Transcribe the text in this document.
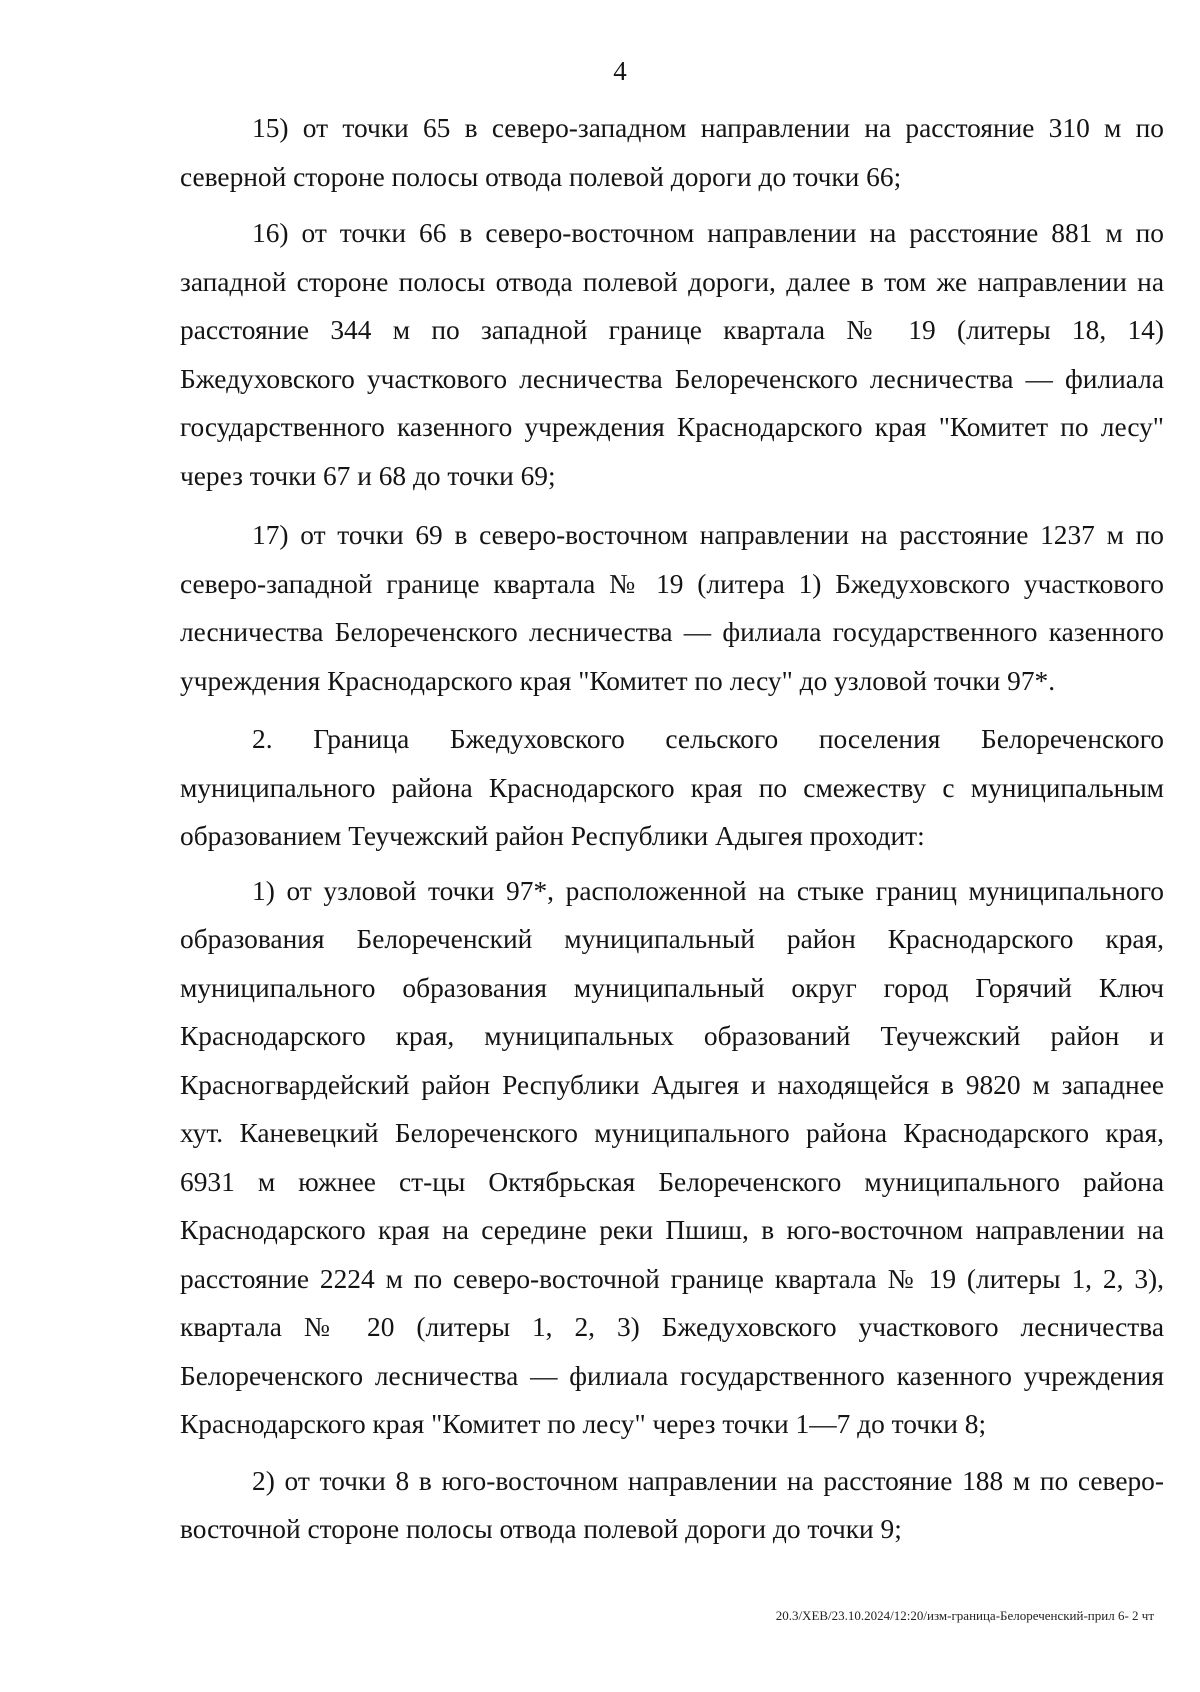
4

15) от точки 65 в северо-западном направлении на расстояние 310 м по северной стороне полосы отвода полевой дороги до точки 66;

16) от точки 66 в северо-восточном направлении на расстояние 881 м по западной стороне полосы отвода полевой дороги, далее в том же направлении на расстояние 344 м по западной границе квартала № 19 (литеры 18, 14) Бжедуховского участкового лесничества Белореченского лесничества — филиала государственного казенного учреждения Краснодарского края "Комитет по лесу" через точки 67 и 68 до точки 69;

17) от точки 69 в северо-восточном направлении на расстояние 1237 м по северо-западной границе квартала № 19 (литера 1) Бжедуховского участкового лесничества Белореченского лесничества — филиала государственного казенного учреждения Краснодарского края "Комитет по лесу" до узловой точки 97*.

2. Граница Бжедуховского сельского поселения Белореченского муниципального района Краснодарского края по смежеству с муниципальным образованием Теучежский район Республики Адыгея проходит:

1) от узловой точки 97*, расположенной на стыке границ муниципального образования Белореченский муниципальный район Краснодарского края, муниципального образования муниципальный округ город Горячий Ключ Краснодарского края, муниципальных образований Теучежский район и Красногвардейский район Республики Адыгея и находящейся в 9820 м западнее хут. Каневецкий Белореченского муниципального района Краснодарского края, 6931 м южнее ст-цы Октябрьская Белореченского муниципального района Краснодарского края на середине реки Пшиш, в юго-восточном направлении на расстояние 2224 м по северо-восточной границе квартала № 19 (литеры 1, 2, 3), квартала № 20 (литеры 1, 2, 3) Бжедуховского участкового лесничества Белореченского лесничества — филиала государственного казенного учреждения Краснодарского края "Комитет по лесу" через точки 1—7 до точки 8;

2) от точки 8 в юго-восточном направлении на расстояние 188 м по северо-восточной стороне полосы отвода полевой дороги до точки 9;

20.3/ХЕВ/23.10.2024/12:20/изм-граница-Белореченский-прил 6- 2 чт
